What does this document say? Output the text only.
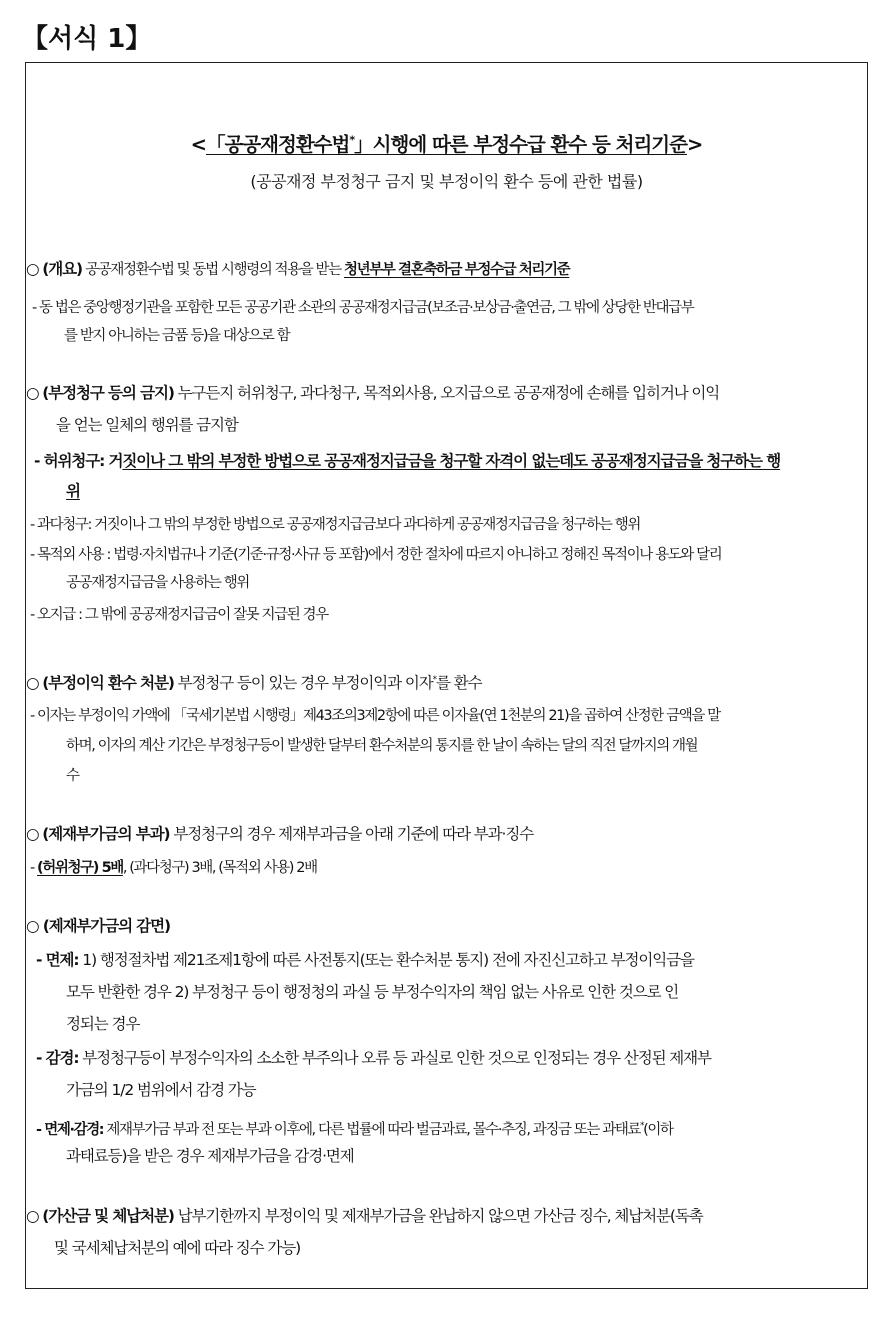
【서식 1】
<「공공재정환수법*」시행에 따른 부정수급 환수 등 처리기준>
(공공재정 부정청구 금지 및 부정이익 환수 등에 관한 법률)
○ (개요) 공공재정환수법 및 동법 시행령의 적용을 받는 청년부부 결혼축하금 부정수급 처리기준
- 동 법은 중앙행정기관을 포함한 모든 공공기관 소관의 공공재정지급금(보조금·보상금·출연금, 그 밖에 상당한 반대급부
를 받지 아니하는 금품 등)을 대상으로 함
○ (부정청구 등의 금지) 누구든지 허위청구, 과다청구, 목적외사용, 오지급으로 공공재정에 손해를 입히거나 이익
을 얻는 일체의 행위를 금지함
- 허위청구: 거짓이나 그 밖의 부정한 방법으로 공공재정지급금을 청구할 자격이 없는데도 공공재정지급금을 청구하는 행
위
- 과다청구: 거짓이나 그 밖의 부정한 방법으로 공공재정지급금보다 과다하게 공공재정지급금을 청구하는 행위
- 목적외 사용 : 법령·자치법규나 기준(기준·규정·사규 등 포함)에서 정한 절차에 따르지 아니하고 정해진 목적이나 용도와 달리
공공재정지급금을 사용하는 행위
- 오지급 : 그 밖에 공공재정지급금이 잘못 지급된 경우
○ (부정이익 환수 처분) 부정청구 등이 있는 경우 부정이익과 이자*를 환수
- 이자는 부정이익 가액에 「국세기본법 시행령」제43조의3제2항에 따른 이자율(연 1천분의 21)을 곱하여 산정한 금액을 말
하며, 이자의 계산 기간은 부정청구등이 발생한 달부터 환수처분의 통지를 한 날이 속하는 달의 직전 달까지의 개월
수
○ (제재부가금의 부과) 부정청구의 경우 제재부과금을 아래 기준에 따라 부과·징수
- (허위청구) 5배, (과다청구) 3배, (목적외 사용) 2배
○ (제재부가금의 감면)
- 면제: 1) 행정절차법 제21조제1항에 따른 사전통지(또는 환수처분 통지) 전에 자진신고하고 부정이익금을
모두 반환한 경우 2) 부정청구 등이 행정청의 과실 등 부정수익자의 책임 없는 사유로 인한 것으로 인
정되는 경우
- 감경: 부정청구등이 부정수익자의 소소한 부주의나 오류 등 과실로 인한 것으로 인정되는 경우 산정된 제재부
가금의 1/2 범위에서 감경 가능
- 면제·감경: 제재부가금 부과 전 또는 부과 이후에, 다른 법률에 따라 벌금과료, 몰수·추징, 과징금 또는 과태료*(이하
과태료등)을 받은 경우 제재부가금을 감경·면제
○ (가산금 및 체납처분) 납부기한까지 부정이익 및 제재부가금을 완납하지 않으면 가산금 징수, 체납처분(독촉
및 국세체납처분의 예에 따라 징수 가능)
